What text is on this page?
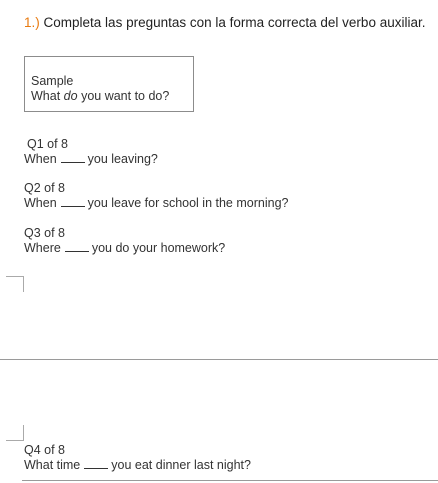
1.) Completa las preguntas con la forma correcta del verbo auxiliar.
Sample
What do you want to do?
Q1 of 8
When you leaving?
Q2 of 8
When you leave for school in the morning?
Q3 of 8
Where you do your homework?
Q4 of 8
What time you eat dinner last night?
